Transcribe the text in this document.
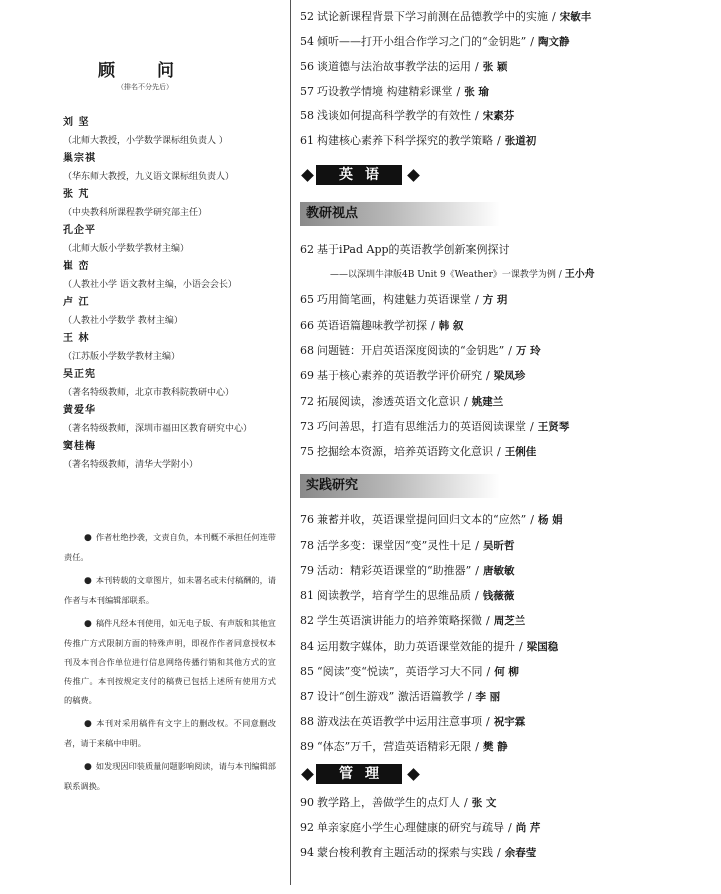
顾 问
（排名不分先后）
刘 坚
（北师大教授，小学数学课标组负责人 ）
巢宗祺
（华东师大教授，九义语文课标组负责人）
张 芃
（中央教科所课程教学研究部主任）
孔企平
（北师大版小学数学教材主编）
崔 峦
（人教社小学 语文教材主编，小语会会长）
卢 江
（人教社小学数学 教材主编）
王 林
（江苏版小学数学教材主编）
吴正宪
（著名特级教师，北京市教科院教研中心）
黄爱华
（著名特级教师，深圳市福田区教育研究中心）
窦桂梅
（著名特级教师，清华大学附小）

● 作者杜绝抄袭，文责自负，本刊概不承担任何连带责任。

● 本刊转载的文章图片，如未署名或未付稿酬的，请作者与本刊编辑部联系。

● 稿件凡经本刊使用，如无电子版、有声版和其他宣传推广方式限制方面的特殊声明，即视作作者同意授权本刊及本刊合作单位进行信息网络传播行销和其他方式的宣传推广。本刊按规定支付的稿费已包括上述所有使用方式的稿费。

● 本刊对采用稿件有文字上的删改权。不同意删改者，请于来稿中申明。

● 如发现因印装质量问题影响阅读，请与本刊编辑部联系调换。

52 试论新课程背景下学习前测在品德教学中的实施 / 宋敏丰
54 倾听——打开小组合作学习之门的“金钥匙” / 陶文静
56 谈道德与法治故事教学法的运用 / 张 颖
57 巧设教学情境 构建精彩课堂 / 张 瑜
58 浅谈如何提高科学教学的有效性 / 宋素芬
61 构建核心素养下科学探究的教学策略 / 张道初
英语
教研视点
62 基于iPad App的英语教学创新案例探讨
65 巧用简笔画，构建魅力英语课堂 / 方 玥
66 英语语篇趣味教学初探 / 韩 叙
68 问题链：开启英语深度阅读的“金钥匙” / 万 玲
69 基于核心素养的英语教学评价研究 / 梁凤珍
72 拓展阅读，渗透英语文化意识 / 姚建兰
73 巧问善思，打造有思维活力的英语阅读课堂 / 王贤琴
75 挖掘绘本资源，培养英语跨文化意识 / 王俐佳
——以深圳牛津版4B Unit 9《Weather》一课教学为例 / 王小舟
实践研究
76 兼蓄并收，英语课堂提问回归文本的“应然” / 杨 娟
78 活学多变：课堂因“变”灵性十足 / 吴昕哲
79 活动：精彩英语课堂的“助推器” / 唐敏敏
81 阅读教学，培育学生的思维品质 / 钱薇薇
82 学生英语演讲能力的培养策略探微 / 周芝兰
84 运用数字媒体，助力英语课堂效能的提升 / 梁国稳
85 “阅读”变“悦读”，英语学习大不同 / 何 柳
87 设计“创生游戏” 激活语篇教学 / 李 丽
88 游戏法在英语教学中运用注意事项 / 祝宇霖
89 “体态”万千，营造英语精彩无限 / 樊 静
管理
90 教学路上，善做学生的点灯人 / 张 文
92 单亲家庭小学生心理健康的研究与疏导 / 尚 芹
94 蒙台梭利教育主题活动的探索与实践 / 余春莹
